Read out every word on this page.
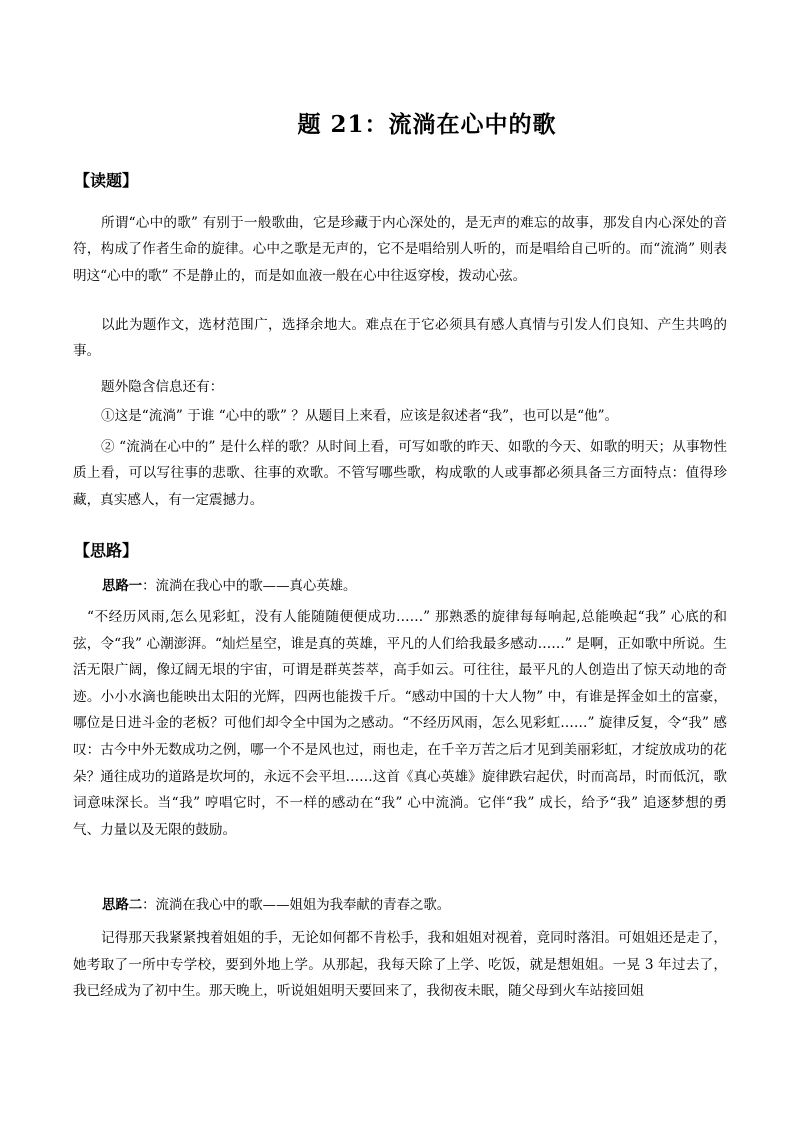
题 21：流淌在心中的歌
【读题】

所谓“心中的歌” 有别于一般歌曲，它是珍藏于内心深处的，是无声的难忘的故事，那发自内心深处的音符，构成了作者生命的旋律。心中之歌是无声的，它不是唱给别人听的，而是唱给自己听的。而“流淌” 则表明这“心中的歌” 不是静止的，而是如血液一般在心中往返穿梭，拨动心弦。

以此为题作文，选材范围广，选择余地大。难点在于它必须具有感人真情与引发人们良知、产生共鸣的事。

题外隐含信息还有：

①这是“流淌” 于谁 “心中的歌” ？从题目上来看，应该是叙述者“我”，也可以是“他”。

② “流淌在心中的” 是什么样的歌？从时间上看，可写如歌的昨天、如歌的今天、如歌的明天；从事物性质上看，可以写往事的悲歌、往事的欢歌。不管写哪些歌，构成歌的人或事都必须具备三方面特点：值得珍藏，真实感人，有一定震撼力。

【思路】

思路一：流淌在我心中的歌——真心英雄。

“不经历风雨,怎么见彩虹，没有人能随随便便成功……” 那熟悉的旋律每每响起,总能唤起“我” 心底的和弦，令“我” 心潮澎湃。“灿烂星空，谁是真的英雄，平凡的人们给我最多感动……” 是啊，正如歌中所说。生活无限广阔，像辽阔无垠的宇宙，可谓是群英荟萃，高手如云。可往往，最平凡的人创造出了惊天动地的奇迹。小小水滴也能映出太阳的光辉，四两也能拨千斤。“感动中国的十大人物” 中，有谁是挥金如土的富豪，哪位是日进斗金的老板？可他们却令全中国为之感动。“不经历风雨，怎么见彩虹……” 旋律反复，令“我” 感叹：古今中外无数成功之例，哪一个不是风也过，雨也走，在千辛万苦之后才见到美丽彩虹，才绽放成功的花朵？通往成功的道路是坎坷的，永远不会平坦……这首《真心英雄》旋律跌宕起伏，时而高昂，时而低沉，歌词意味深长。当“我” 哼唱它时，不一样的感动在“我” 心中流淌。它伴“我” 成长，给予“我” 追逐梦想的勇气、力量以及无限的鼓励。

思路二：流淌在我心中的歌——姐姐为我奉献的青春之歌。

记得那天我紧紧拽着姐姐的手，无论如何都不肯松手，我和姐姐对视着，竟同时落泪。可姐姐还是走了，她考取了一所中专学校，要到外地上学。从那起，我每天除了上学、吃饭，就是想姐姐。一晃 3 年过去了，我已经成为了初中生。那天晚上，听说姐姐明天要回来了，我彻夜未眠，随父母到火车站接回姐
